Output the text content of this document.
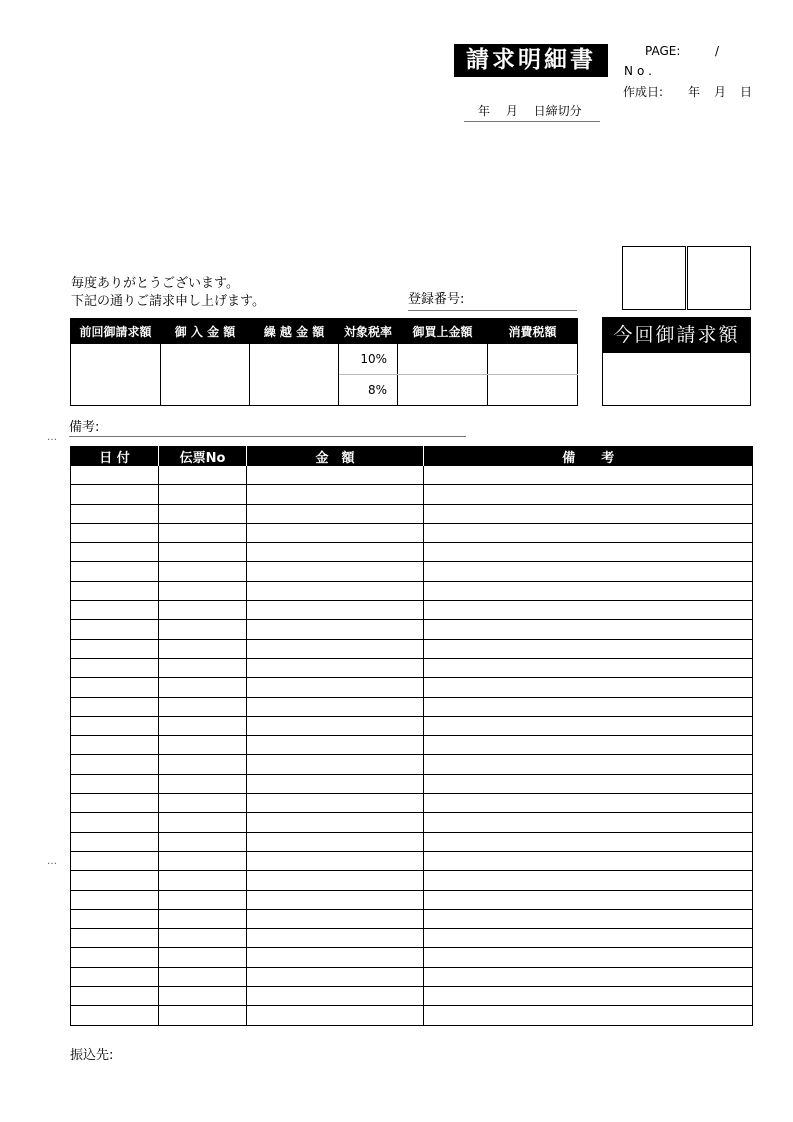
請求明細書	PAGE:	/
No.
作成日: 年　月　日
年　 月　 日締切分
毎度ありがとうございます。
下記の通りご請求申し上げます。	登録番号:
前回御請求額	御 入 金 額	繰 越 金 額	対象税率	御買上金額	消費税額
			10%		
			8%		
今回御請求額
…
備考:
日 付	伝票No	金　額	備　　考

…
振込先:
